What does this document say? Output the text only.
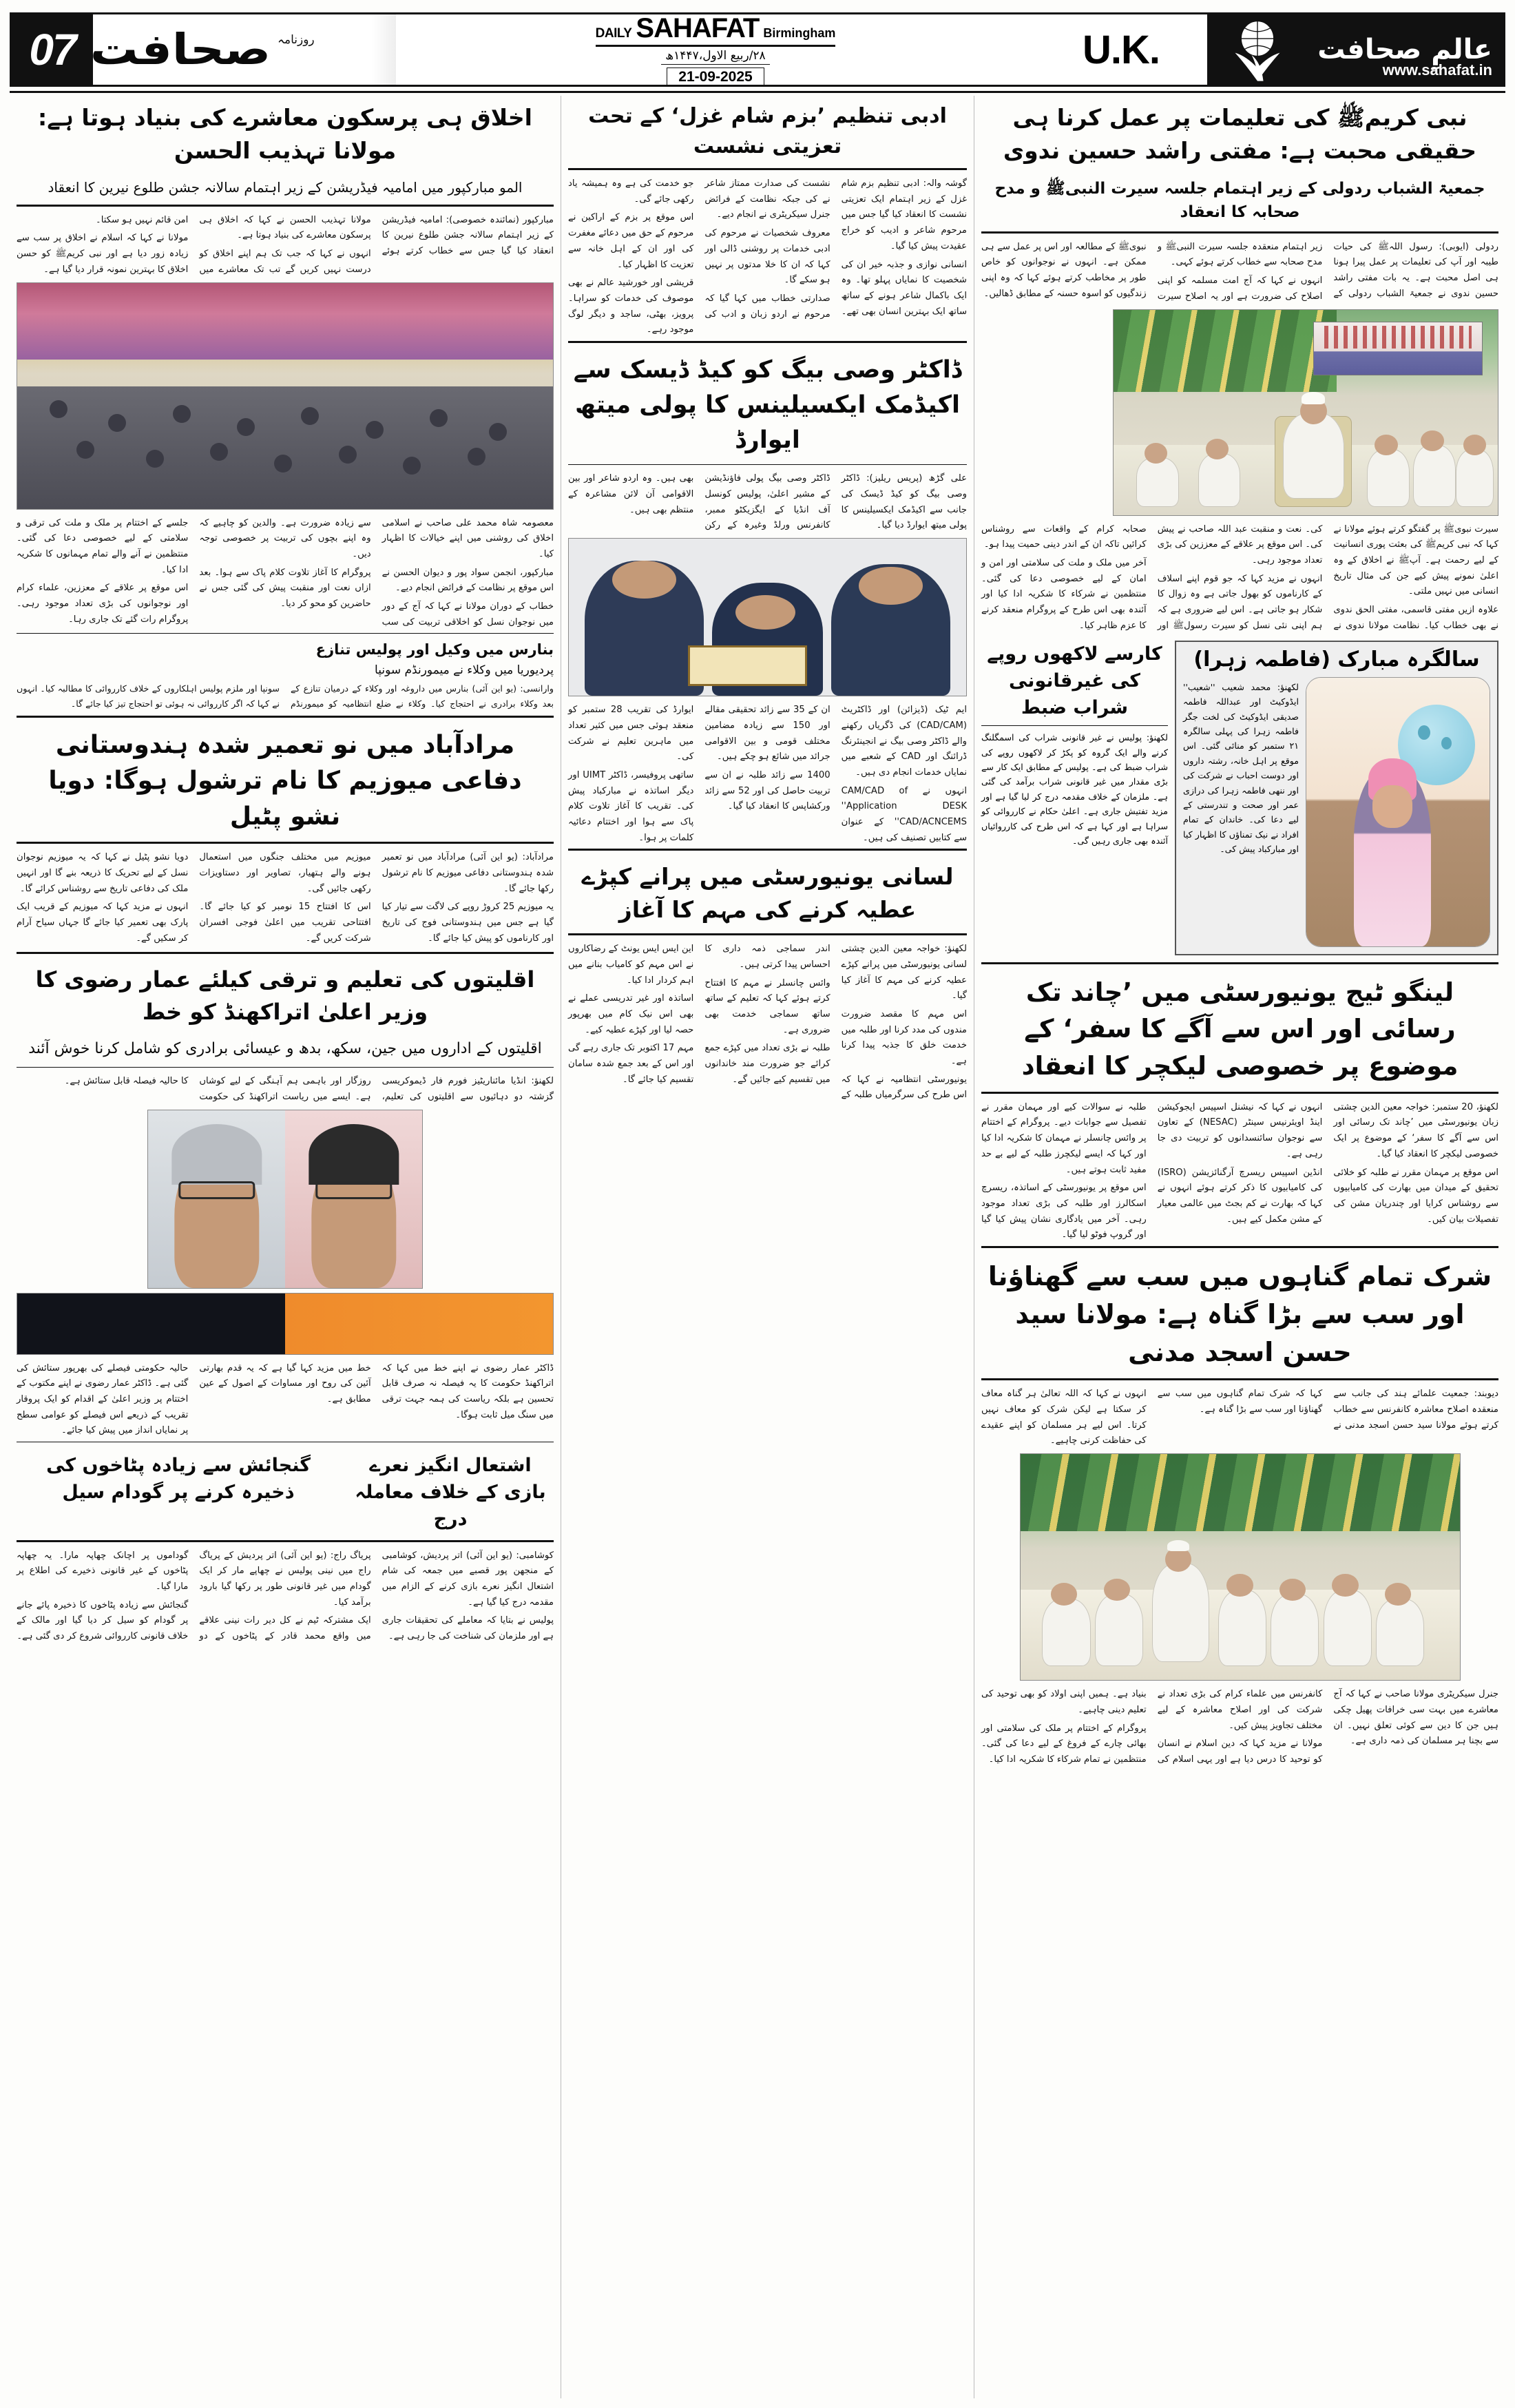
07 صحافت روزنامہ	DAILY SAHAFAT Birmingham
۲۸/ربیع الاول،۱۴۴۷ھ
21-09-2025
U.K.	عالمِ صحافت
www.sahafat.in
اخلاق ہی پرسکون معاشرے کی بنیاد ہوتا ہے: مولانا تہذیب الحسن
المو مبارکپور میں امامیہ فیڈریشن کے زیر اہتمام سالانہ جشن طلوع نیرین کا انعقاد

مبارکپور (نمائندہ خصوصی): امامیہ فیڈریشن کے زیر اہتمام سالانہ جشن طلوع نیرین کا انعقاد کیا گیا جس سے خطاب کرتے ہوئے مولانا تہذیب الحسن نے کہا کہ اخلاق ہی پرسکون معاشرے کی بنیاد ہوتا ہے۔

انہوں نے کہا کہ جب تک ہم اپنے اخلاق کو درست نہیں کریں گے تب تک معاشرے میں امن قائم نہیں ہو سکتا۔

مولانا نے کہا کہ اسلام نے اخلاق پر سب سے زیادہ زور دیا ہے اور نبی کریمﷺ کو حسن اخلاق کا بہترین نمونہ قرار دیا گیا ہے۔

معصومہ شاہ محمد علی صاحب نے اسلامی اخلاق کی روشنی میں اپنے خیالات کا اظہار کیا۔

مبارکپور، انجمن سواد پور و دیوان الحسن نے اس موقع پر نظامت کے فرائض انجام دیے۔

خطاب کے دوران مولانا نے کہا کہ آج کے دور میں نوجوان نسل کو اخلاقی تربیت کی سب سے زیادہ ضرورت ہے۔ والدین کو چاہیے کہ وہ اپنے بچوں کی تربیت پر خصوصی توجہ دیں۔

پروگرام کا آغاز تلاوت کلام پاک سے ہوا۔ بعد ازاں نعت اور منقبت پیش کی گئی جس نے حاضرین کو محو کر دیا۔

جلسے کے اختتام پر ملک و ملت کی ترقی و سلامتی کے لیے خصوصی دعا کی گئی۔ منتظمین نے آنے والے تمام مہمانوں کا شکریہ ادا کیا۔

اس موقع پر علاقے کے معززین، علماء کرام اور نوجوانوں کی بڑی تعداد موجود رہی۔ پروگرام رات گئے تک جاری رہا۔

بنارس میں وکیل اور پولیس تنازع
پردیوریا میں وکلاء نے میمورنڈم سونپا

وارانسی: (یو این آئی) بنارس میں داروغہ اور وکلاء کے درمیان تنازع کے بعد وکلاء برادری نے احتجاج کیا۔ وکلاء نے ضلع انتظامیہ کو میمورنڈم سونپا اور ملزم پولیس اہلکاروں کے خلاف کارروائی کا مطالبہ کیا۔ انہوں نے کہا کہ اگر کارروائی نہ ہوئی تو احتجاج تیز کیا جائے گا۔

مرادآباد میں نو تعمیر شدہ ہندوستانی دفاعی میوزیم کا نام ترشول ہوگا: دویا نشو پٹیل

مرادآباد: (یو این آئی) مرادآباد میں نو تعمیر شدہ ہندوستانی دفاعی میوزیم کا نام ترشول رکھا جائے گا۔

یہ میوزیم 25 کروڑ روپے کی لاگت سے تیار کیا گیا ہے جس میں ہندوستانی فوج کی تاریخ اور کارناموں کو پیش کیا جائے گا۔

میوزیم میں مختلف جنگوں میں استعمال ہونے والے ہتھیار، تصاویر اور دستاویزات رکھی جائیں گی۔

اس کا افتتاح 15 نومبر کو کیا جائے گا۔ افتتاحی تقریب میں اعلیٰ فوجی افسران شرکت کریں گے۔

دویا نشو پٹیل نے کہا کہ یہ میوزیم نوجوان نسل کے لیے تحریک کا ذریعہ بنے گا اور انہیں ملک کی دفاعی تاریخ سے روشناس کرائے گا۔

انہوں نے مزید کہا کہ میوزیم کے قریب ایک پارک بھی تعمیر کیا جائے گا جہاں سیاح آرام کر سکیں گے۔

اقلیتوں کی تعلیم و ترقی کیلئے عمار رضوی کا وزیر اعلیٰ اتراکھنڈ کو خط
اقلیتوں کے اداروں میں جین، سکھ، بدھ و عیسائی برادری کو شامل کرنا خوش آئند

لکھنؤ: انڈیا مائناریٹیز فورم فار ڈیموکریسی گزشتہ دو دہائیوں سے اقلیتوں کی تعلیم، روزگار اور باہمی ہم آہنگی کے لیے کوشاں ہے۔ ایسے میں ریاست اتراکھنڈ کی حکومت کا حالیہ فیصلہ قابل ستائش ہے۔

ڈاکٹر عمار رضوی نے اپنے خط میں کہا کہ اتراکھنڈ حکومت کا یہ فیصلہ نہ صرف قابل تحسین ہے بلکہ ریاست کی ہمہ جہت ترقی میں سنگ میل ثابت ہوگا۔

خط میں مزید کہا گیا ہے کہ یہ قدم بھارتی آئین کی روح اور مساوات کے اصول کے عین مطابق ہے۔

حالیہ حکومتی فیصلے کی بھرپور ستائش کی گئی ہے۔ ڈاکٹر عمار رضوی نے اپنے مکتوب کے اختتام پر وزیر اعلیٰ کے اقدام کو ایک پروقار تقریب کے ذریعے اس فیصلے کو عوامی سطح پر نمایاں انداز میں پیش کیا جائے۔

اشتعال انگیز نعرے بازی کے خلاف معاملہ درج
گنجائش سے زیادہ پٹاخوں کی ذخیرہ کرنے پر گودام سیل

کوشامبی: (یو این آئی) اتر پردیش، کوشامبی کے منجھن پور قصبے میں جمعہ کی شام اشتعال انگیز نعرے بازی کرنے کے الزام میں مقدمہ درج کیا گیا ہے۔

پولیس نے بتایا کہ معاملے کی تحقیقات جاری ہے اور ملزمان کی شناخت کی جا رہی ہے۔

پریاگ راج: (یو این آئی) اتر پردیش کے پریاگ راج میں نینی پولیس نے چھاپے مار کر ایک گودام میں غیر قانونی طور پر رکھا گیا بارود برآمد کیا۔

ایک مشترکہ ٹیم نے کل دیر رات نینی علاقے میں واقع محمد قادر کے پٹاخوں کے دو گوداموں پر اچانک چھاپہ مارا۔ یہ چھاپہ پٹاخوں کے غیر قانونی ذخیرے کی اطلاع پر مارا گیا۔

گنجائش سے زیادہ پٹاخوں کا ذخیرہ پائے جانے پر گودام کو سیل کر دیا گیا اور مالک کے خلاف قانونی کارروائی شروع کر دی گئی ہے۔

ادبی تنظیم ’بزم شام غزل‘ کے تحت تعزیتی نشست

گوشہ والہ: ادبی تنظیم بزم شام غزل کے زیر اہتمام ایک تعزیتی نشست کا انعقاد کیا گیا جس میں مرحوم شاعر و ادیب کو خراج عقیدت پیش کیا گیا۔

انسانی نوازی و جذبہ خیر ان کی شخصیت کا نمایاں پہلو تھا۔ وہ ایک باکمال شاعر ہونے کے ساتھ ساتھ ایک بہترین انسان بھی تھے۔

نشست کی صدارت ممتاز شاعر نے کی جبکہ نظامت کے فرائض جنرل سیکریٹری نے انجام دیے۔

معروف شخصیات نے مرحوم کی ادبی خدمات پر روشنی ڈالی اور کہا کہ ان کا خلا مدتوں پر نہیں ہو سکے گا۔

صدارتی خطاب میں کہا گیا کہ مرحوم نے اردو زبان و ادب کی جو خدمت کی ہے وہ ہمیشہ یاد رکھی جائے گی۔

اس موقع پر بزم کے اراکین نے مرحوم کے حق میں دعائے مغفرت کی اور ان کے اہل خانہ سے تعزیت کا اظہار کیا۔

قریشی اور خورشید عالم نے بھی موصوف کی خدمات کو سراہا۔ پرویز، بھٹی، ساجد و دیگر لوگ موجود رہے۔

ڈاکٹر وصی بیگ کو کیڈ ڈیسک سے اکیڈمک ایکسیلینس کا پولی میتھ ایوارڈ

علی گڑھ (پریس ریلیز): ڈاکٹر وصی بیگ کو کیڈ ڈیسک کی جانب سے اکیڈمک ایکسیلینس کا پولی میتھ ایوارڈ دیا گیا۔

ڈاکٹر وصی بیگ پولی فاؤنڈیشن کے مشیر اعلیٰ، پولیس کونسل آف انڈیا کے ایگزیکٹو ممبر، کانفرنس ورلڈ وغیرہ کے رکن بھی ہیں۔ وہ اردو شاعر اور بین الاقوامی آن لائن مشاعرہ کے منتظم بھی ہیں۔

ایم ٹیک (ڈیزائن) اور ڈاکٹریٹ (CAD/CAM) کی ڈگریاں رکھنے والے ڈاکٹر وصی بیگ نے انجینئرنگ ڈرائنگ اور CAD کے شعبے میں نمایاں خدمات انجام دی ہیں۔

انہوں نے CAM/CAD of ''Application DESK CAD/ACNCEMS'' کے عنوان سے کتابیں تصنیف کی ہیں۔

ان کے 35 سے زائد تحقیقی مقالے اور 150 سے زیادہ مضامین مختلف قومی و بین الاقوامی جرائد میں شائع ہو چکے ہیں۔

1400 سے زائد طلبہ نے ان سے تربیت حاصل کی اور 52 سے زائد ورکشاپس کا انعقاد کیا گیا۔

ایوارڈ کی تقریب 28 ستمبر کو منعقد ہوئی جس میں کثیر تعداد میں ماہرین تعلیم نے شرکت کی۔

ساتھی پروفیسر، ڈاکٹر UIMT اور دیگر اساتذہ نے مبارکباد پیش کی۔ تقریب کا آغاز تلاوت کلام پاک سے ہوا اور اختتام دعائیہ کلمات پر ہوا۔

لسانی یونیورسٹی میں پرانے کپڑے عطیہ کرنے کی مہم کا آغاز

لکھنؤ: خواجہ معین الدین چشتی لسانی یونیورسٹی میں پرانے کپڑے عطیہ کرنے کی مہم کا آغاز کیا گیا۔

اس مہم کا مقصد ضرورت مندوں کی مدد کرنا اور طلبہ میں خدمت خلق کا جذبہ پیدا کرنا ہے۔

یونیورسٹی انتظامیہ نے کہا کہ اس طرح کی سرگرمیاں طلبہ کے اندر سماجی ذمہ داری کا احساس پیدا کرتی ہیں۔

وائس چانسلر نے مہم کا افتتاح کرتے ہوئے کہا کہ تعلیم کے ساتھ ساتھ سماجی خدمت بھی ضروری ہے۔

طلبہ نے بڑی تعداد میں کپڑے جمع کرائے جو ضرورت مند خاندانوں میں تقسیم کیے جائیں گے۔

این ایس ایس یونٹ کے رضاکاروں نے اس مہم کو کامیاب بنانے میں اہم کردار ادا کیا۔

اساتذہ اور غیر تدریسی عملے نے بھی اس نیک کام میں بھرپور حصہ لیا اور کپڑے عطیہ کیے۔

مہم 17 اکتوبر تک جاری رہے گی اور اس کے بعد جمع شدہ سامان تقسیم کیا جائے گا۔

نبی کریمﷺ کی تعلیمات پر عمل کرنا ہی حقیقی محبت ہے: مفتی راشد حسین ندوی
جمعیۃ الشباب ردولی کے زیر اہتمام جلسہ سیرت النبیﷺ و مدح صحابہ کا انعقاد

ردولی (ایوبی): رسول اللہﷺ کی حیات طیبہ اور آپ کی تعلیمات پر عمل پیرا ہونا ہی اصل محبت ہے۔ یہ بات مفتی راشد حسین ندوی نے جمعیۃ الشباب ردولی کے زیر اہتمام منعقدہ جلسہ سیرت النبیﷺ و مدح صحابہ سے خطاب کرتے ہوئے کہی۔

انہوں نے کہا کہ آج امت مسلمہ کو اپنی اصلاح کی ضرورت ہے اور یہ اصلاح سیرت نبویﷺ کے مطالعہ اور اس پر عمل سے ہی ممکن ہے۔ انہوں نے نوجوانوں کو خاص طور پر مخاطب کرتے ہوئے کہا کہ وہ اپنی زندگیوں کو اسوہ حسنہ کے مطابق ڈھالیں۔

سیرت نبویﷺ پر گفتگو کرتے ہوئے مولانا نے کہا کہ نبی کریمﷺ کی بعثت پوری انسانیت کے لیے رحمت ہے۔ آپﷺ نے اخلاق کے وہ اعلیٰ نمونے پیش کیے جن کی مثال تاریخ انسانی میں نہیں ملتی۔

علاوہ ازیں مفتی قاسمی، مفتی الحق ندوی نے بھی خطاب کیا۔ نظامت مولانا ندوی نے کی۔ نعت و منقبت عبد اللہ صاحب نے پیش کی۔ اس موقع پر علاقے کے معززین کی بڑی تعداد موجود رہی۔

انہوں نے مزید کہا کہ جو قوم اپنے اسلاف کے کارناموں کو بھول جاتی ہے وہ زوال کا شکار ہو جاتی ہے۔ اس لیے ضروری ہے کہ ہم اپنی نئی نسل کو سیرت رسولﷺ اور صحابہ کرام کے واقعات سے روشناس کرائیں تاکہ ان کے اندر دینی حمیت پیدا ہو۔

آخر میں ملک و ملت کی سلامتی اور امن و امان کے لیے خصوصی دعا کی گئی۔ منتظمین نے شرکاء کا شکریہ ادا کیا اور آئندہ بھی اس طرح کے پروگرام منعقد کرنے کا عزم ظاہر کیا۔

سالگرہ مبارک (فاطمہ زہرا)
لکھنؤ: محمد شعیب ''شعیب'' ایڈوکیٹ اور عبداللہ فاطمہ صدیقی ایڈوکیٹ کی لخت جگر فاطمہ زہرا کی پہلی سالگرہ ۲۱ ستمبر کو منائی گئی۔ اس موقع پر اہل خانہ، رشتہ داروں اور دوست احباب نے شرکت کی اور ننھی فاطمہ زہرا کی درازی عمر اور صحت و تندرستی کے لیے دعا کی۔ خاندان کے تمام افراد نے نیک تمناؤں کا اظہار کیا اور مبارکباد پیش کی۔
کارسے لاکھوں روپے کی غیرقانونی شراب ضبط
لکھنؤ: پولیس نے غیر قانونی شراب کی اسمگلنگ کرنے والے ایک گروہ کو پکڑ کر لاکھوں روپے کی شراب ضبط کی ہے۔ پولیس کے مطابق ایک کار سے بڑی مقدار میں غیر قانونی شراب برآمد کی گئی ہے۔ ملزمان کے خلاف مقدمہ درج کر لیا گیا ہے اور مزید تفتیش جاری ہے۔ اعلیٰ حکام نے کارروائی کو سراہا ہے اور کہا ہے کہ اس طرح کی کارروائیاں آئندہ بھی جاری رہیں گی۔
لینگو ٹیج یونیورسٹی میں ’چاند تک رسائی اور اس سے آگے کا سفر‘ کے موضوع پر خصوصی لیکچر کا انعقاد

لکھنؤ، 20 ستمبر: خواجہ معین الدین چشتی زبان یونیورسٹی میں ’چاند تک رسائی اور اس سے آگے کا سفر‘ کے موضوع پر ایک خصوصی لیکچر کا انعقاد کیا گیا۔

اس موقع پر مہمان مقرر نے طلبہ کو خلائی تحقیق کے میدان میں بھارت کی کامیابیوں سے روشناس کرایا اور چندریان مشن کی تفصیلات بیان کیں۔

انہوں نے کہا کہ نیشنل اسپیس ایجوکیشن اینڈ اویئرنیس سینٹر (NESAC) کے تعاون سے نوجوان سائنسدانوں کو تربیت دی جا رہی ہے۔

انڈین اسپیس ریسرچ آرگنائزیشن (ISRO) کی کامیابیوں کا ذکر کرتے ہوئے انہوں نے کہا کہ بھارت نے کم بجٹ میں عالمی معیار کے مشن مکمل کیے ہیں۔

طلبہ نے سوالات کیے اور مہمان مقرر نے تفصیل سے جوابات دیے۔ پروگرام کے اختتام پر وائس چانسلر نے مہمان کا شکریہ ادا کیا اور کہا کہ ایسے لیکچرز طلبہ کے لیے بے حد مفید ثابت ہوتے ہیں۔

اس موقع پر یونیورسٹی کے اساتذہ، ریسرچ اسکالرز اور طلبہ کی بڑی تعداد موجود رہی۔ آخر میں یادگاری نشان پیش کیا گیا اور گروپ فوٹو لیا گیا۔

شرک تمام گناہوں میں سب سے گھناؤنا اور سب سے بڑا گناہ ہے: مولانا سید حسن اسجد مدنی

دیوبند: جمعیت علمائے ہند کی جانب سے منعقدہ اصلاح معاشرہ کانفرنس سے خطاب کرتے ہوئے مولانا سید حسن اسجد مدنی نے کہا کہ شرک تمام گناہوں میں سب سے گھناؤنا اور سب سے بڑا گناہ ہے۔

انہوں نے کہا کہ اللہ تعالیٰ ہر گناہ معاف کر سکتا ہے لیکن شرک کو معاف نہیں کرتا۔ اس لیے ہر مسلمان کو اپنے عقیدے کی حفاظت کرنی چاہیے۔

جنرل سیکریٹری مولانا صاحب نے کہا کہ آج معاشرے میں بہت سی خرافات پھیل چکی ہیں جن کا دین سے کوئی تعلق نہیں۔ ان سے بچنا ہر مسلمان کی ذمہ داری ہے۔

کانفرنس میں علماء کرام کی بڑی تعداد نے شرکت کی اور اصلاح معاشرہ کے لیے مختلف تجاویز پیش کیں۔

مولانا نے مزید کہا کہ دین اسلام نے انسان کو توحید کا درس دیا ہے اور یہی اسلام کی بنیاد ہے۔ ہمیں اپنی اولاد کو بھی توحید کی تعلیم دینی چاہیے۔

پروگرام کے اختتام پر ملک کی سلامتی اور بھائی چارے کے فروغ کے لیے دعا کی گئی۔ منتظمین نے تمام شرکاء کا شکریہ ادا کیا۔
